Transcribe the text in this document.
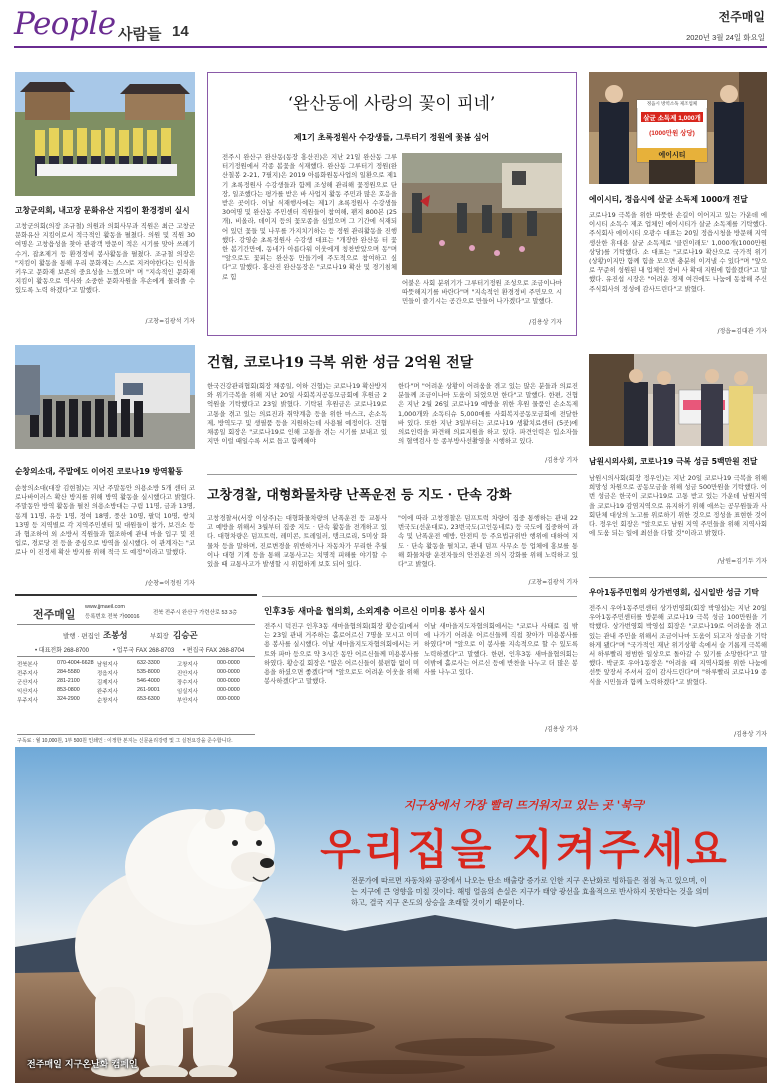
People 사람들 14
전주매일
2020년 3월 24일 화요일
고창군의회, 내고장 문화유산 지킴이 환경정비 실시
고창군의회(의장 조규철) 의원과 의회사무과 직원은 최근 고창군 문화유산 지킴이로서 적극적인 활동을 펼쳤다. 의원 및 직원 30여명은 고창읍성을 찾아 관광객 방문이 적은 시기를 맞아 쓰레기 수거, 잡초제거 등 환경정비 봉사활동을 펼쳤다. 조규철 의장은 "지킴이 활동을 통해 우리 문화재는 스스로 지켜야한다는 인식을 키우고 문화재 보존의 중요성을 느꼈으며" 며 "지속적인 문화재 지킴이 활동으로 역사와 소중한 문화자원을 후손에게 물려줄 수 있도록 노력 하겠다"고 말했다.
/고창=김광석 기자
순창의소대, 주말에도 이어진 코로나19 방역활동
순창의소대(대장 김현철)는 지난 주말동안 의용소방 5개 센터 코로나바이러스 확산 방지를 위해 방역 활동을 실시했다고 밝혔다. 주말동안 방역 활동을 펼친 의용소방대는 구림 11명, 금과 13명, 동계 11명, 유등 1명, 정여 18명, 풍산 10명, 팔덕 10명, 쌍치 13명 등 지역별로 각 지역주민센터 및 대원들이 참가, 보건소 등과 협조하여 외 소방서 직원들과 협조하에 관내 마을 입구 및 진입로, 경로당 전 등을 중심으로 방역을 실시했다. 이 관계자는 "코로나 이 진정세 확산 방지를 위해 적극 도 예정"이라고 말했다.
/순창=이정원 기자
전주매일
www.jjmaeil.com
등록번호 전북 가00016
전북 전주시 완산구 가련산로 53 3층
발행 · 편집인 조봉성	부회장 김승곤
• 대표전화 268-8700	• 업무국 FAX 268-8703 • 편집국 FAX 268-8704
전북본사	070-4004-6628 남원지사	632-3300	고창지사	000-0000
전주지사	284-5580	정읍지사	535-8000	진안지사	000-0000
군산지사	281-2100	김제지사	546-4000	장수지사	000-0000
익산지사	853-0800	완주지사	261-9001	임실지사	000-0000
무주지사	324-2900	순창지사	653-6300	부안지사	000-0000
구독료 : 월 10,000원, 1부 500원 인쇄인 : 이정한 본지는 신문윤리강령 및 그 실천요강을 준수합니다.
‘완산동에 사랑의 꽃이 피네’
제1기 초록정원사 수강생들, 그루터기 정원에 꽃봄 심어
전주시 완산구 완산동(동장 홍산진)은 지난 21일 완산동 그루터기정원에서 각종 봄꽃을 식재했다. 완산동 그루터기 정원(완산칠봉 2-21, 7필지)은 2019 아름화원동사업의 일환으로 제1기 초록정원사 수강생들과 함께 조성해 관리해 꽃정원으로 단장, 일조했다는 평가를 받은 바 사업지 활동 주민과 많은 호응을 받은 곳이다. 이날 식재행사에는 제1기 초록정원사 수강생들 30여명 및 완산동 주민센터 직원들이 참여해, 팬지 800본 (25개), 비올라, 데이지 등의 꽃모종을 심었으며 그 기간에 식재되어 있던 꽃들 및 나무를 가지치기하는 등 정원 관리활동을 진행했다. 강영순 초록정원사 수강생 대표는 "개장한 완산동 터 꽃한 봄기간만에, 동네가 아름다워 이웃에게 칭찬받았으며 동"며 "앞으로도 꽃피는 완산동 만들기에 주도적으로 참여하고 싶다"고 말했다. 홍산진 완산동장은 "코로나19 확산 및 경기침체로 힘
어붙은 사회 분위기가 그루터기정원 조성으로 조금이나마 따뜻해지기를 바란다"며 "지속적인 환경정비 주민모으 시민들이 즐기시는 공간으로 만들어 나가겠다"고 말했다.
/김용상 기자
건협, 코로나19 극복 위한 성금 2억원 전달
한국건강관리협회(회장 채종일, 이하 건협)는 코로나19 확산방지와 위기극복을 위해 지난 20일 사회복지공동모금회에 후원금 2억원을 기탁했다고 23일 밝혔다. 기탁된 후원금은 코로나19로 고통을 겪고 있는 의료진과 취약계층 등을 위한 마스크, 손소독제, 방역도구 및 생필품 등을 지원하는데 사용될 예정이다. 건협 채종일 회장은 "코로나19로 인해 고통을 겪는 시기를 보내고 있지만 이럴 때일수록 서로 돕고 함께해야
한다"며 "어려운 상황이 어려움을 겪고 있는 많은 분들과 의료진 분들께 조금이나마 도움이 되었으면 한다"고 말했다. 한편, 건협은 지난 2월 26일 코로나19 예방을 위한 후원 물품인 손소독제 1,000개와 소독티슈 5,000매를 사회복지공동모금회에 전달한 바 있다. 또한 지난 3일부터는 코로나19 생활치료센터 (5곳)에 의료인력을 파견해 의료지원을 하고 있다. 파견인력은 입소자들의 혈액검사 등 종부방사선촬영을 시행하고 있다.
/김용상 기자
고창경찰, 대형화물차량 난폭운전 등 지도 · 단속 강화
고창경찰서(서장 이상주)는 대형화물차량의 난폭운전 등 교통사고 예방을 위해서 3월부터 집중 지도 · 단속 활동을 전개하고 있다. 대형차량은 덤프트럭, 레미콘, 트레일러, 탱크로리, 5미상 화물차 등을 말하며, 진로변경을 위반하거나 자동차가 무리한 추월이나 대형 기계 등을 통해 교통사고는 치명적 피해를 야기할 수 있을 때 교통사고가 발생할 시 위험하게 보호 되어 있다.
"이에 따라 고창경찰은 덤프트럭 차량이 집중 통행하는 관내 22번국도(선운대로), 23번국도(고인동네로) 등 국도에 집중하여 과속 및 난폭운전 예방, 안전띠 등 주요법규위반 행위에 대하여 지도 · 단속 활동을 펼치고, 관내 덤프 사무소 등 업체에 홍보를 통해 화물차량 운전자들의 안전운전 의식 강화를 위해 노력하고 있다"고 밝혔다.
/고창=김광석 기자
인후3동 새마을 협의회, 소외계층 어르신 이미용 봉사 실시
전주시 덕진구 인후3동 새마을협의회(회장 황승길)에서는 23일 관내 거주하는 홀로어르신 7명을 모시고 이미용 봉사를 실시했다. 이날 새마을지도자협의회에서는 커트와 파마 등으로 약 3시간 동안 어르신들께 미용봉사를 하였다. 황승길 회장은 "많은 어르신들이 불편함 없이 미용을 하셨으면 좋겠다"며 "앞으로도 어려운 이웃을 위해 봉사하겠다"고 말했다.
이날 새마을지도자협의회에서는 "코로나 사태로 집 밖에 나가기 어려운 어르신들께 직접 찾아가 미용봉사를 하였다"며 "앞으로 이 봉사를 지속적으로 할 수 있도록 노력하겠다"고 말했다. 한편, 인후3동 새마을협의회는 이밖에 홀로사는 어르신 등에 반찬을 나누고 더 많은 봉사를 나누고 있다.
/김용상 기자
정읍시 방역소독 제조업체
살균 소독제 1,000개
(1000만원 상당)
에이시티
에이시티, 정읍시에 살균 소독제 1000개 전달
코로나19 극복을 위한 따뜻한 손길이 이어지고 있는 가운데 에이시티 소독수 제조 업체인 에이시티가 살균 소독제를 기탁했다. 주식회사 에이시티 오광수 대표는 20일 정읍시청을 방문해 지역 생산한 휴대용 살균 소독제로 '클린이래도' 1,000개(1000만원 상당)를 기탁했다. 소 대표는 "코로나19 확산으로 국가적 위기(상황)이지만 함께 힘을 모으면 충분히 이겨낼 수 있다"며 "앞으로 꾸준히 성원된 내 업체인 장비 사 확대 지원에 힘쓸겠다"고 말했다. 유진섭 시장은 "어려운 경제 여건에도 나눔에 동참해 주신 주식회사의 정성에 감사드린다"고 밝혔다.
/정읍=김대관 기자
남원시의사회, 코로나19 극복 성금 5백만원 전달
남원시의사회(회장 정우인)는 지난 20일 코로나19 극복을 위해 희망성 차원으로 공동모금을 위해 성금 500만원을 기탁했다. 이번 성금은 한국이 코로나19로 고통 받고 있는 가운데 남원지역을 코로나19 감염지역으로 유지하기 위해 애쓰는 공무원들과 사회단체 대상의 노고를 위로하기 위한 것으로 정성을 표현한 것이다. 정우인 회장은 "앞으로도 남원 지역 주민들을 위해 지역사회에 도움 되는 일에 최선을 다할 것"이라고 밝혔다.
/남원=김기두 기자
우아1동주민협의 상가번영회, 십시일반 성금 기탁
전주시 우아1동주민센터 상가번영회(회장 박영섭)는 지난 20일 우아1동주민센터를 방문해 코로나19 극복 성금 100만원을 기탁했다. 상가번영회 박영섭 회장은 "코로나19로 어려움을 겪고 있는 관내 주민을 위해서 조금이나마 도움이 되고자 성금을 기탁하게 됐다"며 "국가적인 재난 위기상황 속에서 슬 기롭게 극복해서 하루빨리 평범한 일상으로 돌아갈 수 있기를 소망한다"고 말했다. 박균호 우아1동장은 "어려울 때 지역사회를 위한 나눔에 선뜻 앞장서 주셔서 깊이 감사드린다"며 "하루빨리 코로나19 종식을 시민들과 함께 노력하겠다"고 밝혔다.
/김용상 기자
지구상에서 가장 빨리 뜨거워지고 있는 곳 '북극'
우리집을 지켜주세요
전문가에 따르면 자동차와 공장에서 나오는 탄소 배출량 증가로 인한 지구 온난화로 빙하들은 점점 녹고 있으며, 이는 지구에 큰 영향을 미칠 것이다. 해빙 얼음의 손실은 지구가 태양 광선을 효율적으로 반사하지 못한다는 것을 의미하고, 결국 지구 온도의 상승을 초래할 것이기 때문이다.
전주매일 지구온난화 캠페인
